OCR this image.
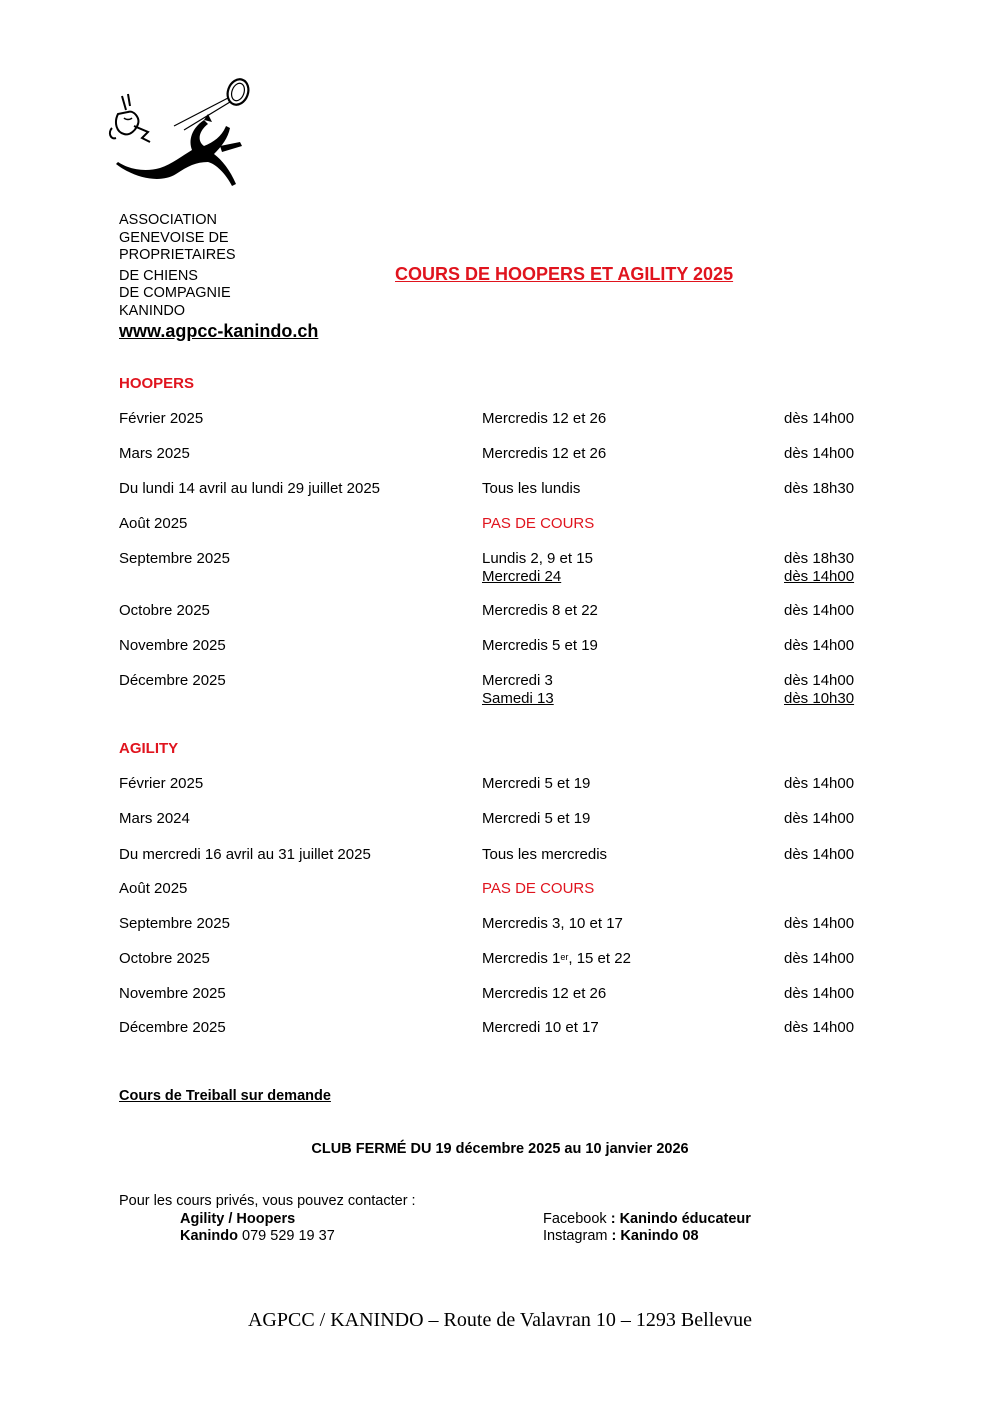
ASSOCIATION
GENEVOISE DE
PROPRIETAIRES
DE CHIENS
DE COMPAGNIE
KANINDO
www.agpcc-kanindo.ch
COURS DE HOOPERS ET AGILITY 2025
HOOPERS
Février 2025	Mercredis 12 et 26	dès 14h00
Mars 2025	Mercredis 12 et 26	dès 14h00
Du lundi 14 avril au lundi 29 juillet 2025	Tous les lundis	dès 18h30
Août 2025	PAS DE COURS
Septembre 2025	Lundis 2, 9 et 15	dès 18h30
Mercredi 24	dès 14h00
Octobre 2025	Mercredis 8 et 22	dès 14h00
Novembre 2025	Mercredis 5 et 19	dès 14h00
Décembre 2025	Mercredi 3	dès 14h00
Samedi 13	dès 10h30
AGILITY
Février 2025	Mercredi 5 et 19	dès 14h00
Mars 2024	Mercredi 5 et 19	dès 14h00
Du mercredi 16 avril au 31 juillet 2025	Tous les mercredis	dès 14h00
Août 2025	PAS DE COURS
Septembre 2025	Mercredis 3, 10 et 17	dès 14h00
Octobre 2025	Mercredis 1er, 15 et 22	dès 14h00
Novembre 2025	Mercredis 12 et 26	dès 14h00
Décembre 2025	Mercredi 10 et 17	dès 14h00
Cours de Treiball sur demande
CLUB FERMÉ DU 19 décembre 2025 au 10 janvier 2026
Pour les cours privés, vous pouvez contacter :
Agility / Hoopers
Kanindo 079 529 19 37
Facebook : Kanindo éducateur
Instagram : Kanindo 08
AGPCC / KANINDO – Route de Valavran 10 – 1293 Bellevue
